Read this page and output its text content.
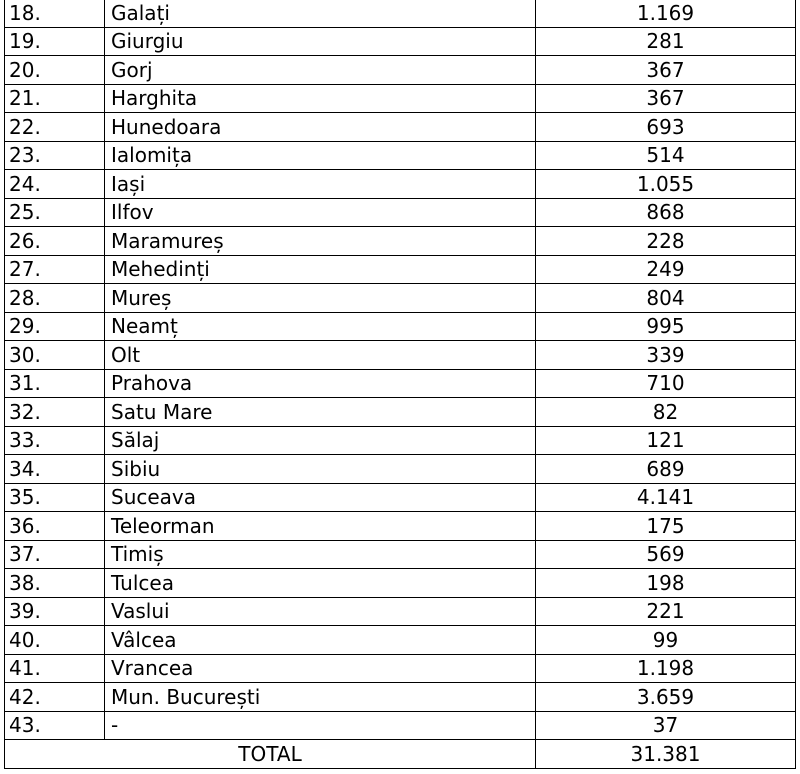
18.	Galați	1.169
19.	Giurgiu	281
20.	Gorj	367
21.	Harghita	367
22.	Hunedoara	693
23.	Ialomița	514
24.	Iași	1.055
25.	Ilfov	868
26.	Maramureș	228
27.	Mehedinți	249
28.	Mureș	804
29.	Neamț	995
30.	Olt	339
31.	Prahova	710
32.	Satu Mare	82
33.	Sălaj	121
34.	Sibiu	689
35.	Suceava	4.141
36.	Teleorman	175
37.	Timiș	569
38.	Tulcea	198
39.	Vaslui	221
40.	Vâlcea	99
41.	Vrancea	1.198
42.	Mun. București	3.659
43.	-	37
TOTAL		31.381
